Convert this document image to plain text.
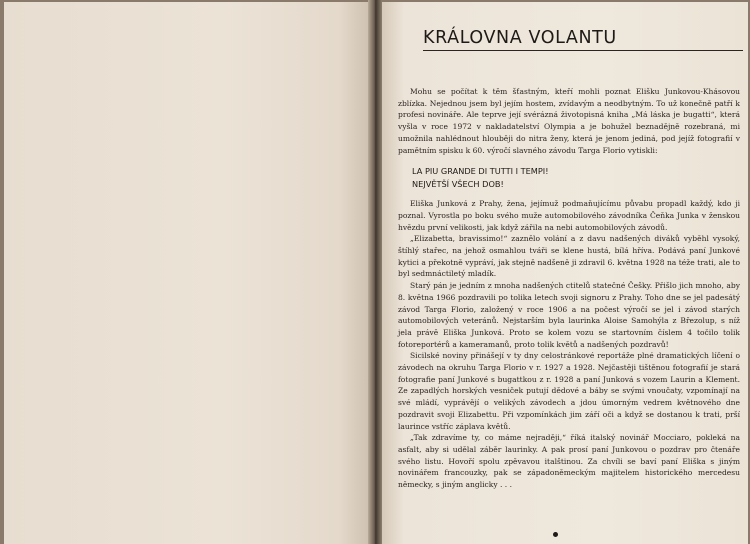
KRÁLOVNA VOLANTU

Mohu se počítat k těm šťastným, kteří mohli poznat Elišku Junkovou-Khásovou zblízka. Nejednou jsem byl jejím hostem, zvídavým a neodbytným. To už konečně patří k profesi novináře. Ale teprve její svérázná životopisná kniha „Má láska je bugatti“, která vyšla v roce 1972 v nakladatelství Olympia a je bohužel beznadějně rozebraná, mi umožnila nahlédnout hlouběji do nitra ženy, která je jenom jediná, pod jejíž fotografií v pamětním spisku k 60. výročí slavného závodu Targa Florio vytiskli:

LA PIU GRANDE DI TUTTI I TEMPI!
NEJVĚTŠÍ VŠECH DOB!

Eliška Junková z Prahy, žena, jejímuž podmaňujícímu půvabu propadl každý, kdo ji poznal. Vyrostla po boku svého muže automobilového závodníka Čeňka Junka v ženskou hvězdu první velikosti, jak když zářila na nebi automobilových závodů.

„Elizabetta, bravissimo!“ zaznělo volání a z davu nadšených diváků vyběhl vysoký, štíhlý stařec, na jehož osmahlou tváři se klene hustá, bílá hříva. Podává paní Junkové kytici a překotně vypráví, jak stejně nadšeně ji zdravil 6. května 1928 na téže trati, ale to byl sedmnáctiletý mladík.

Starý pán je jedním z mnoha nadšených ctitelů statečné Češky. Přišlo jich mnoho, aby 8. května 1966 pozdravili po tolika letech svoji signoru z Prahy. Toho dne se jel padesátý závod Targa Florio, založený v roce 1906 a na počest výročí se jel i závod starých automobilových veteránů. Nejstarším byla laurinka Aloise Samohýla z Březolup, s níž jela právě Eliška Junková. Proto se kolem vozu se startovním číslem 4 točilo tolik fotoreportérů a kameramanů, proto tolik květů a nadšených pozdravů!

Sicilské noviny přinášejí v ty dny celostránkové reportáže plné dramatických líčení o závodech na okruhu Targa Florio v r. 1927 a 1928. Nejčastěji tištěnou fotografií je stará fotografie paní Junkové s bugattkou z r. 1928 a paní Junková s vozem Laurin a Klement. Ze zapadlých horských vesniček putují dědové a báby se svými vnoučaty, vzpomínají na své mládí, vyprávějí o velikých závodech a jdou úmorným vedrem květnového dne pozdravit svoji Elizabettu. Při vzpomínkách jim září oči a když se dostanou k trati, prší laurince vstříc záplava květů.

„Tak zdravíme ty, co máme nejraději,“ říká italský novinář Mocciaro, pokleká na asfalt, aby si udělal záběr laurinky. A pak prosí paní Junkovou o pozdrav pro čtenáře svého listu. Hovoří spolu zpěvavou italštinou. Za chvíli se baví paní Eliška s jiným novinářem francouzky, pak se západoněmeckým majitelem historického mercedesu německy, s jiným anglicky . . .
